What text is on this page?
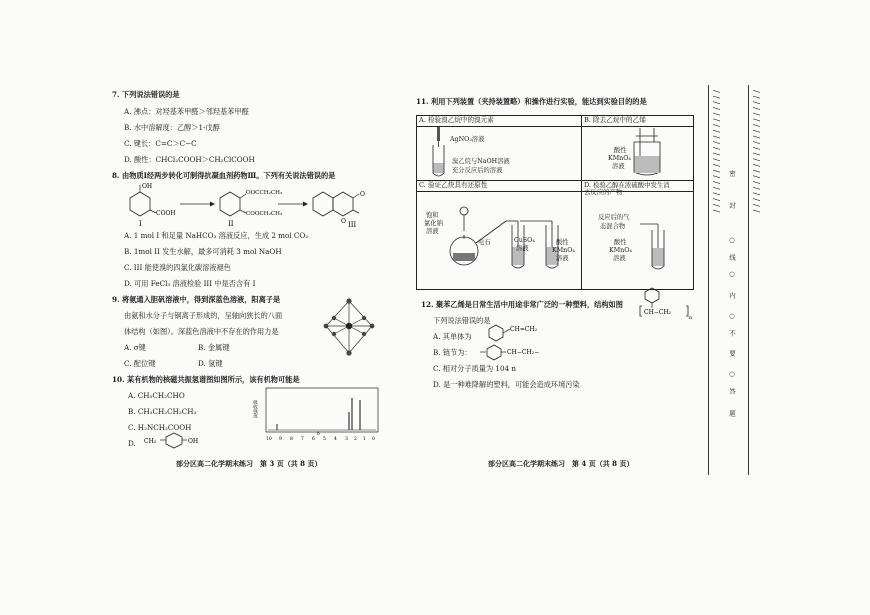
7. 下列说法错误的是
A. 沸点：对羟基苯甲醛＞邻羟基苯甲醛
B. 水中溶解度：乙醇＞1-戊醇
C. 键长：C=C＞C−C
D. 酸性：CHCl₂COOH＞CH₂ClCOOH
8. 由物质Ⅰ经两步转化可制得抗凝血剂药物Ⅲ。下列有关说法错误的是
OH
COOH
I
OOCCH₂CH₃
COOCH₂CH₃
II	O
O
III
A. 1 mol I 和足量 NaHCO₃ 溶液反应，生成 2 mol CO₂
B. 1mol II 发生水解，最多可消耗 3 mol NaOH
C. III 能使溴的四氯化碳溶液褪色
D. 可用 FeCl₃ 溶液检验 III 中是否含有 I
9. 将氨通入胆矾溶液中，得到深蓝色溶液，阳离子是
由氨和水分子与铜离子形成的，呈轴向狭长的八面
体结构（如图）。深蓝色溶液中不存在的作用力是
A. σ键	B. 金属键
C. 配位键	D. 氢键
10. 某有机物的核磁共振氢谱图如图所示，该有机物可能是
A. CH₃CH₂CHO
B. CH₃CH₂CH₂CH₃
C. H₂NCH₂COOH
D. CH₃	OH
吸收强度
10 9 8 7 6 5 4 3 2 1 0
δ
部分区高二化学期末练习　第 3 页（共 8 页）
11. 利用下列装置（夹持装置略）和操作进行实验，能达到实验目的的是
A. 检验溴乙烷中的溴元素	B. 除去乙烷中的乙烯
C. 验证乙炔具有还原性	D. 检验乙醇在浓硫酸中发生消
去反应的产物
AgNO₃溶液
溴乙烷与NaOH溶液
充分反应后的溶液
酸性
KMnO₄
溶液
饱和
氯化钠
溶液
电石	CuSO₄
溶液
酸性
KMnO₄
溶液
反应后的气
态混合物
酸性
KMnO₄
溶液
12. 聚苯乙烯是日常生活中用途非常广泛的一种塑料，结构如图
CH−CH₂
n
下列说法错误的是
A. 其单体为
CH=CH₂
B. 链节为：	CH−CH₂−
C. 相对分子质量为 104 n
D. 是一种难降解的塑料，可能会造成环境污染
部分区高二化学期末练习　第 4 页（共 8 页）
//////////////////////	//////////////////////
密
封
○
线
○
内
○
不
要
○
答
题
